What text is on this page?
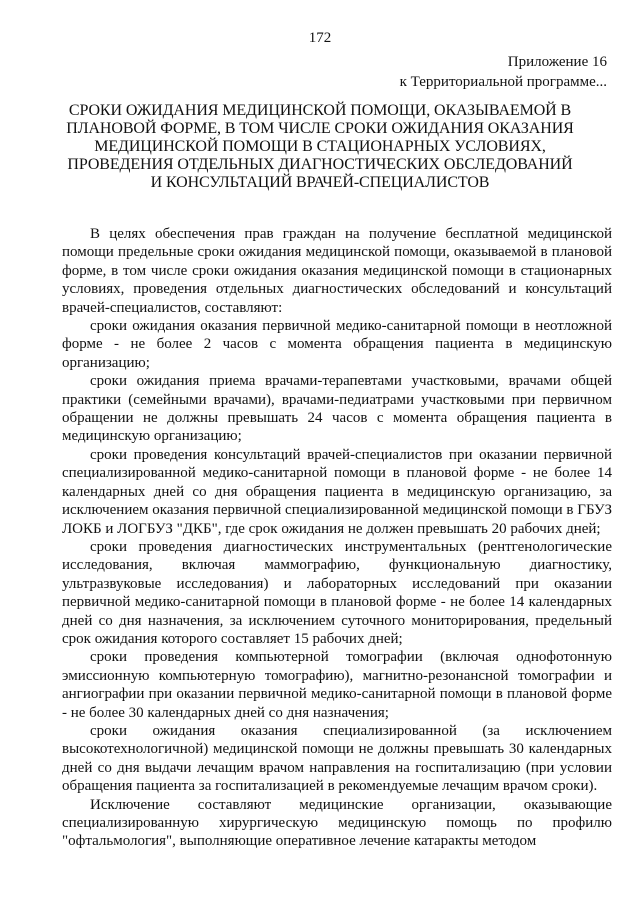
172
Приложение 16
к Территориальной программе...
СРОКИ ОЖИДАНИЯ МЕДИЦИНСКОЙ ПОМОЩИ, ОКАЗЫВАЕМОЙ В ПЛАНОВОЙ ФОРМЕ, В ТОМ ЧИСЛЕ СРОКИ ОЖИДАНИЯ ОКАЗАНИЯ МЕДИЦИНСКОЙ ПОМОЩИ В СТАЦИОНАРНЫХ УСЛОВИЯХ, ПРОВЕДЕНИЯ ОТДЕЛЬНЫХ ДИАГНОСТИЧЕСКИХ ОБСЛЕДОВАНИЙ И КОНСУЛЬТАЦИЙ ВРАЧЕЙ-СПЕЦИАЛИСТОВ

В целях обеспечения прав граждан на получение бесплатной медицинской помощи предельные сроки ожидания медицинской помощи, оказываемой в плановой форме, в том числе сроки ожидания оказания медицинской помощи в стационарных условиях, проведения отдельных диагностических обследований и консультаций врачей-специалистов, составляют:

сроки ожидания оказания первичной медико-санитарной помощи в неотложной форме - не более 2 часов с момента обращения пациента в медицинскую организацию;

сроки ожидания приема врачами-терапевтами участковыми, врачами общей практики (семейными врачами), врачами-педиатрами участковыми при первичном обращении не должны превышать 24 часов с момента обращения пациента в медицинскую организацию;

сроки проведения консультаций врачей-специалистов при оказании первичной специализированной медико-санитарной помощи в плановой форме - не более 14 календарных дней со дня обращения пациента в медицинскую организацию, за исключением оказания первичной специализированной медицинской помощи в ГБУЗ ЛОКБ и ЛОГБУЗ "ДКБ", где срок ожидания не должен превышать 20 рабочих дней;

сроки проведения диагностических инструментальных (рентгенологические исследования, включая маммографию, функциональную диагностику, ультразвуковые исследования) и лабораторных исследований при оказании первичной медико-санитарной помощи в плановой форме - не более 14 календарных дней со дня назначения, за исключением суточного мониторирования, предельный срок ожидания которого составляет 15 рабочих дней;

сроки проведения компьютерной томографии (включая однофотонную эмиссионную компьютерную томографию), магнитно-резонансной томографии и ангиографии при оказании первичной медико-санитарной помощи в плановой форме - не более 30 календарных дней со дня назначения;

сроки ожидания оказания специализированной (за исключением высокотехнологичной) медицинской помощи не должны превышать 30 календарных дней со дня выдачи лечащим врачом направления на госпитализацию (при условии обращения пациента за госпитализацией в рекомендуемые лечащим врачом сроки).

Исключение составляют медицинские организации, оказывающие специализированную хирургическую медицинскую помощь по профилю "офтальмология", выполняющие оперативное лечение катаракты методом
